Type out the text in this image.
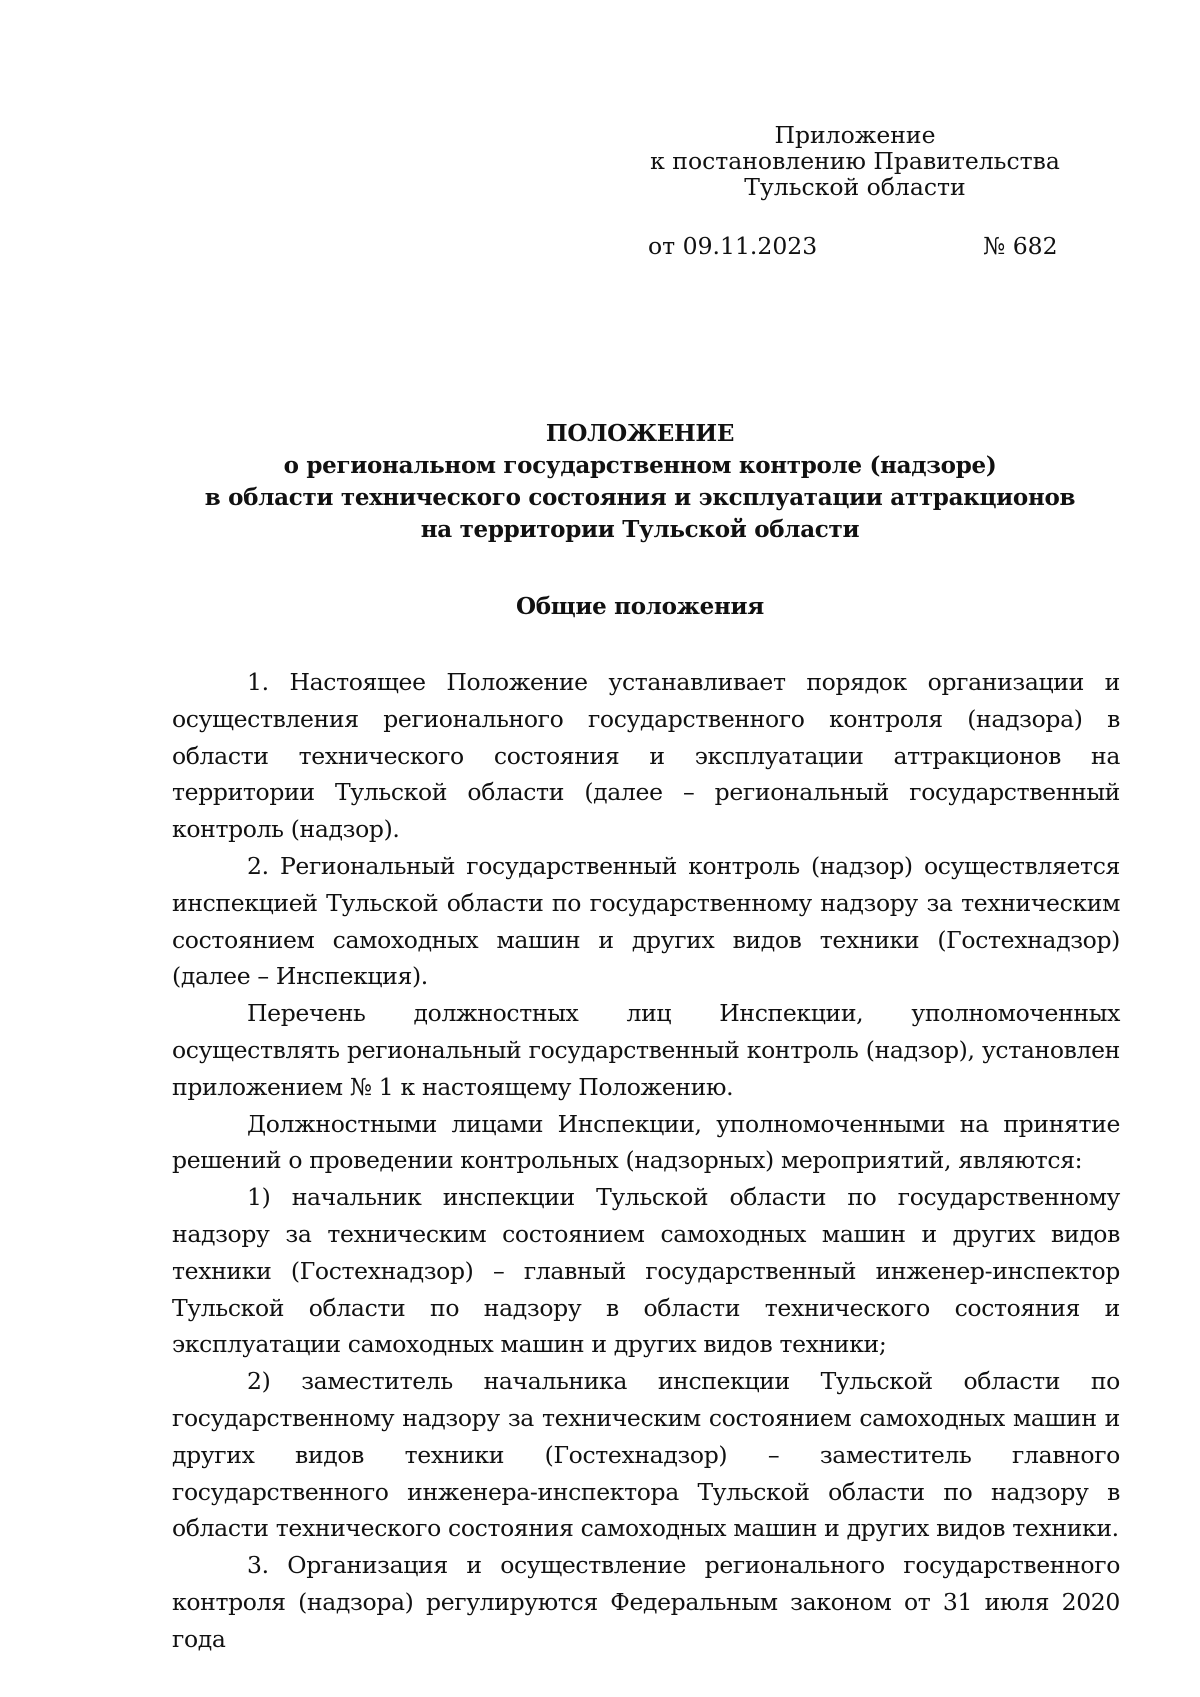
Приложение
к постановлению Правительства
Тульской области
от 09.11.2023	№ 682
ПОЛОЖЕНИЕ
о региональном государственном контроле (надзоре)
в области технического состояния и эксплуатации аттракционов
на территории Тульской области
Общие положения

1. Настоящее Положение устанавливает порядок организации и осуществления регионального государственного контроля (надзора) в области технического состояния и эксплуатации аттракционов на территории Тульской области (далее – региональный государственный контроль (надзор).

2. Региональный государственный контроль (надзор) осуществляется инспекцией Тульской области по государственному надзору за техническим состоянием самоходных машин и других видов техники (Гостехнадзор) (далее – Инспекция).

Перечень должностных лиц Инспекции, уполномоченных осуществлять региональный государственный контроль (надзор), установлен приложением № 1 к настоящему Положению.

Должностными лицами Инспекции, уполномоченными на принятие решений о проведении контрольных (надзорных) мероприятий, являются:

1) начальник инспекции Тульской области по государственному надзору за техническим состоянием самоходных машин и других видов техники (Гостехнадзор) – главный государственный инженер-инспектор Тульской области по надзору в области технического состояния и эксплуатации самоходных машин и других видов техники;

2) заместитель начальника инспекции Тульской области по государственному надзору за техническим состоянием самоходных машин и других видов техники (Гостехнадзор) – заместитель главного государственного инженера-инспектора Тульской области по надзору в области технического состояния самоходных машин и других видов техники.

3. Организация и осуществление регионального государственного контроля (надзора) регулируются Федеральным законом от 31 июля 2020 года
